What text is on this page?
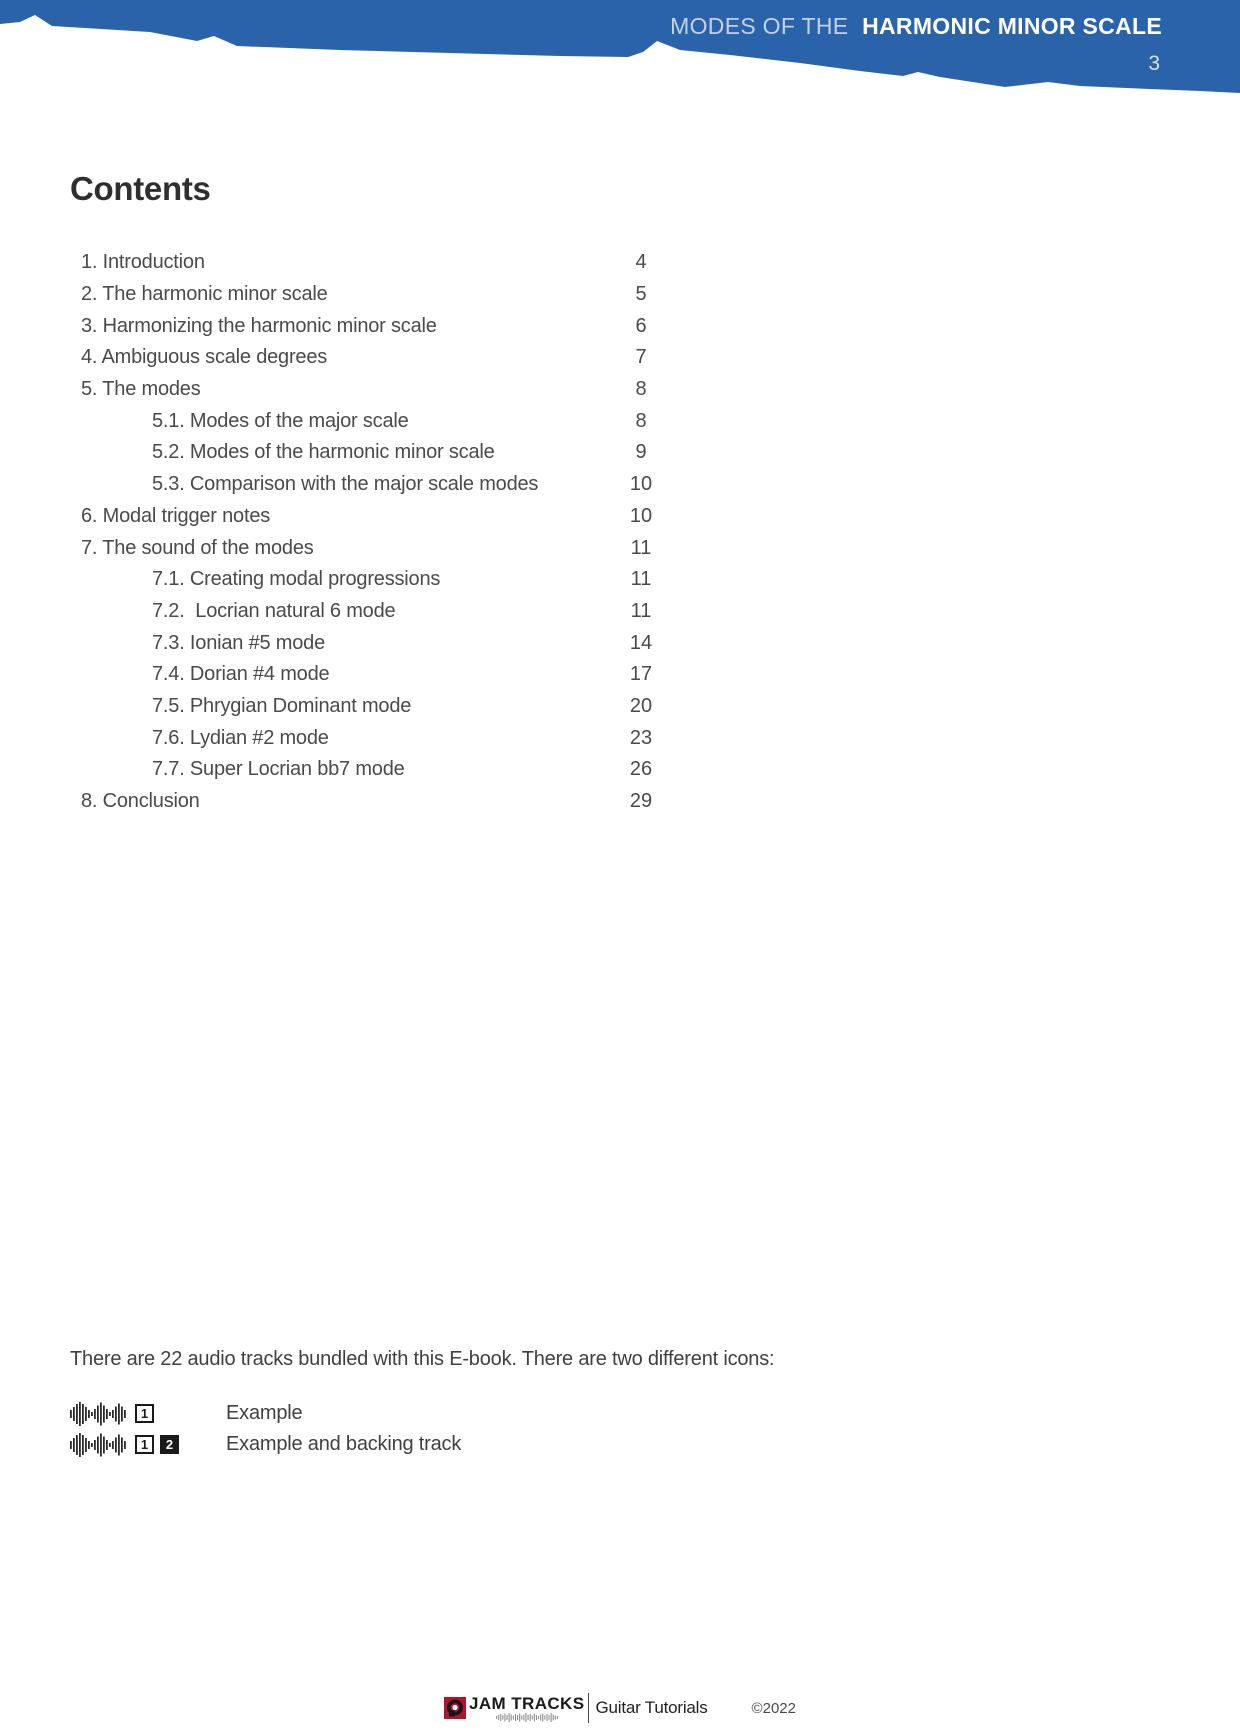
MODES OF THE HARMONIC MINOR SCALE
3
Contents
1. Introduction	4
2. The harmonic minor scale	5
3. Harmonizing the harmonic minor scale	6
4. Ambiguous scale degrees	7
5. The modes	8
5.1. Modes of the major scale	8
5.2. Modes of the harmonic minor scale	9
5.3. Comparison with the major scale modes	10
6. Modal trigger notes	10
7. The sound of the modes	11
7.1. Creating modal progressions	11
7.2.  Locrian natural 6 mode	11
7.3. Ionian #5 mode	14
7.4. Dorian #4 mode	17
7.5. Phrygian Dominant mode	20
7.6. Lydian #2 mode	23
7.7. Super Locrian bb7 mode	26
8. Conclusion	29
There are 22 audio tracks bundled with this E-book. There are two different icons:
1	Example
1 2	Example and backing track
JAM TRACKS Guitar Tutorials	©2022
